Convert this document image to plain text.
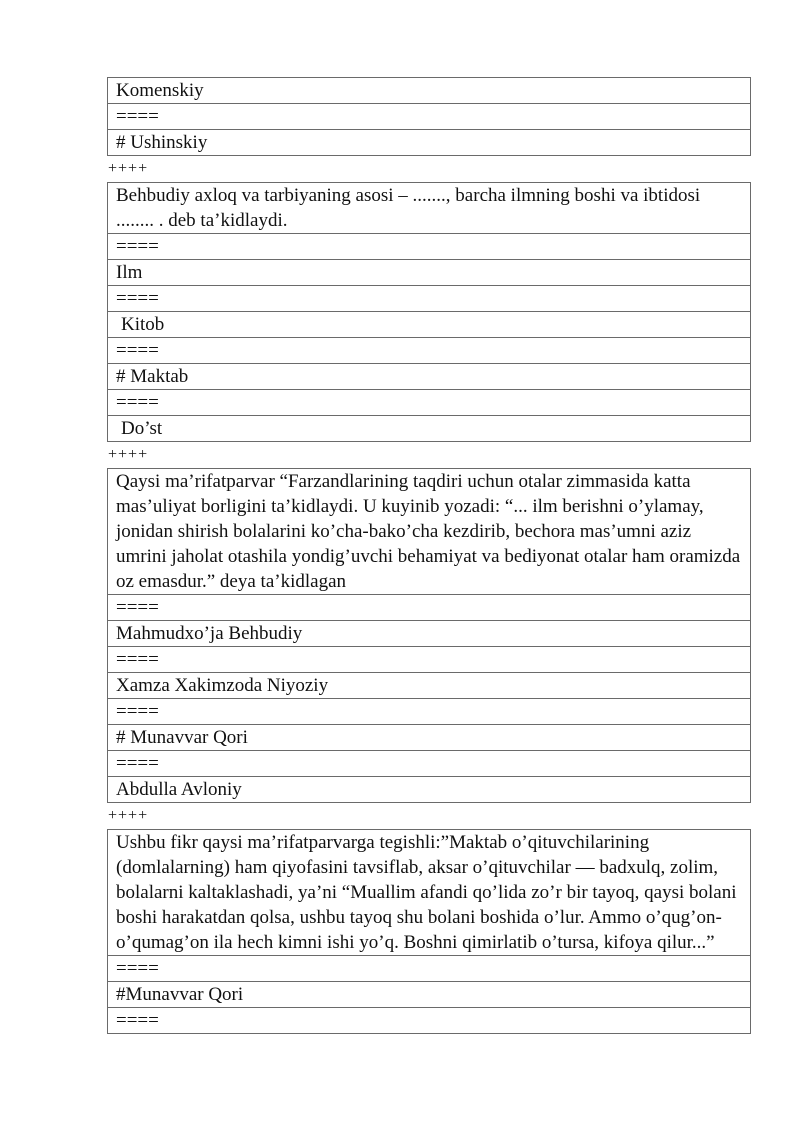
Komenskiy
====
# Ushinskiy
++++
Behbudiy axloq va tarbiyaning asosi – ......., barcha ilmning boshi va ibtidosi ........ . deb ta’kidlaydi.
====
Ilm
====
Kitob
====
# Maktab
====
Do’st
++++
Qaysi ma’rifatparvar “Farzandlarining taqdiri uchun otalar zimmasida katta mas’uliyat borligini ta’kidlaydi. U kuyinib yozadi: “... ilm berishni o’ylamay, jonidan shirish bolalarini ko’cha-bako’cha kezdirib, bechora mas’umni aziz umrini jaholat otashila yondig’uvchi behamiyat va bediyonat otalar ham oramizda oz emasdur.” deya ta’kidlagan
====
Mahmudxo’ja Behbudiy
====
Xamza Xakimzoda Niyoziy
====
# Munavvar Qori
====
Abdulla Avloniy
++++
Ushbu fikr qaysi ma’rifatparvarga tegishli:”Maktab o’qituvchilarining (domlalarning) ham qiyofasini tavsiflab, aksar o’qituvchilar — badxulq, zolim, bolalarni kaltaklashadi, ya’ni “Muallim afandi qo’lida zo’r bir tayoq, qaysi bolani boshi harakatdan qolsa, ushbu tayoq shu bolani boshida o’lur. Ammo o’qug’on-o’qumag’on ila hech kimni ishi yo’q. Boshni qimirlatib o’tursa, kifoya qilur...”
====
#Munavvar Qori
====
